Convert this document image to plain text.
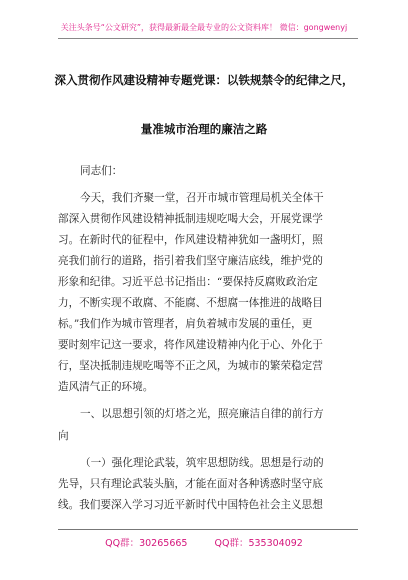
关注头条号“公文研究”，获得最新最全最专业的公文资料库！ 微信：gongwenyj
深入贯彻作风建设精神专题党课：以铁规禁令的纪律之尺，
量准城市治理的廉洁之路
同志们：
今天，我们齐聚一堂，召开市城市管理局机关全体干
部深入贯彻作风建设精神抵制违规吃喝大会，开展党课学
习。在新时代的征程中，作风建设精神犹如一盏明灯，照
亮我们前行的道路，指引着我们坚守廉洁底线，维护党的
形象和纪律。习近平总书记指出：“要保持反腐败政治定
力，不断实现不敢腐、不能腐、不想腐一体推进的战略目
标。”我们作为城市管理者，肩负着城市发展的重任，更
要时刻牢记这一要求，将作风建设精神内化于心、外化于
行，坚决抵制违规吃喝等不正之风，为城市的繁荣稳定营
造风清气正的环境。
一、以思想引领的灯塔之光，照亮廉洁自律的前行方
向
（一）强化理论武装，筑牢思想防线。思想是行动的
先导，只有理论武装头脑，才能在面对各种诱惑时坚守底
线。我们要深入学习习近平新时代中国特色社会主义思想
QQ群：30265665	QQ群：535304092
